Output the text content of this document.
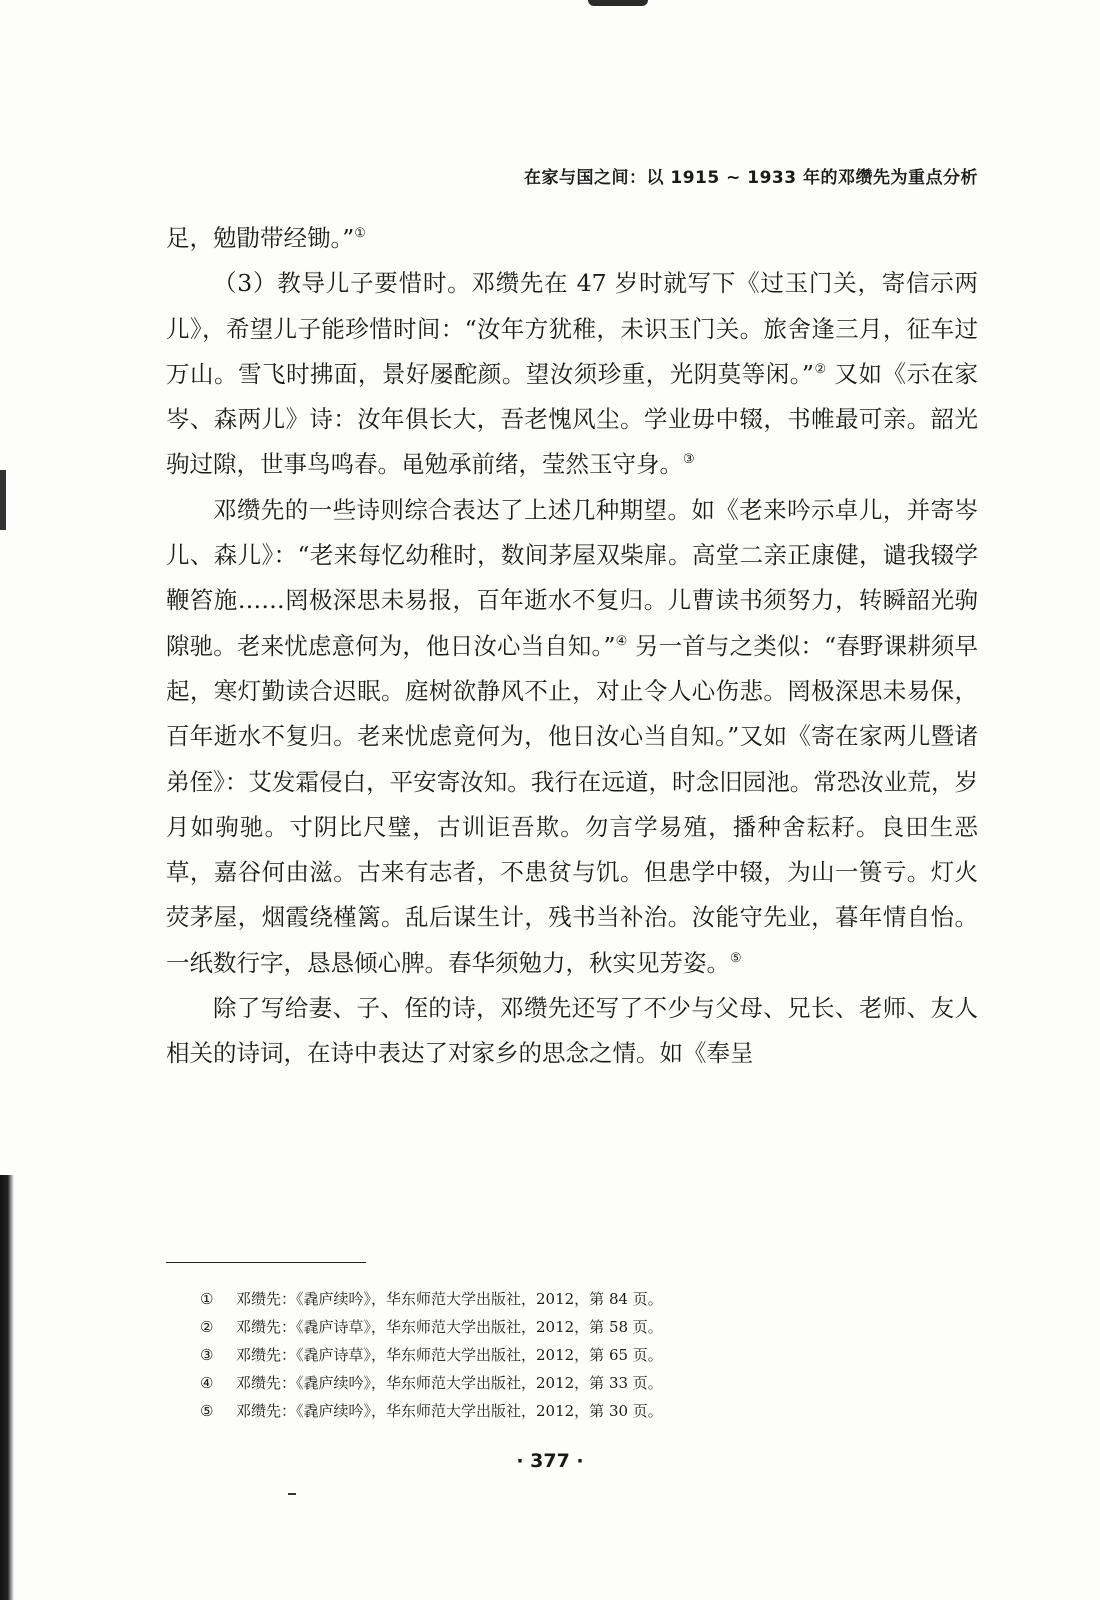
在家与国之间：以 1915 ~ 1933 年的邓缵先为重点分析

足，勉勖带经锄。”①

（3）教导儿子要惜时。邓缵先在 47 岁时就写下《过玉门关，寄信示两儿》，希望儿子能珍惜时间：“汝年方犹稚，未识玉门关。旅舍逢三月，征车过万山。雪飞时拂面，景好屡酡颜。望汝须珍重，光阴莫等闲。”② 又如《示在家岑、森两儿》诗：汝年俱长大，吾老愧风尘。学业毋中辍，书帷最可亲。韶光驹过隙，世事鸟鸣春。黾勉承前绪，莹然玉守身。③

邓缵先的一些诗则综合表达了上述几种期望。如《老来吟示卓儿，并寄岑儿、森儿》：“老来每忆幼稚时，数间茅屋双柴扉。高堂二亲正康健，谴我辍学鞭笞施……罔极深思未易报，百年逝水不复归。儿曹读书须努力，转瞬韶光驹隙驰。老来忧虑意何为，他日汝心当自知。”④ 另一首与之类似：“春野课耕须早起，寒灯勤读合迟眠。庭树欲静风不止，对止令人心伤悲。罔极深思未易保，百年逝水不复归。老来忧虑竟何为，他日汝心当自知。”又如《寄在家两儿暨诸弟侄》：艾发霜侵白，平安寄汝知。我行在远道，时念旧园池。常恐汝业荒，岁月如驹驰。寸阴比尺璧，古训讵吾欺。勿言学易殖，播种舍耘耔。良田生恶草，嘉谷何由滋。古来有志者，不患贫与饥。但患学中辍，为山一篑亏。灯火荧茅屋，烟霞绕槿篱。乱后谋生计，残书当补治。汝能守先业，暮年情自怡。一纸数行字，恳恳倾心脾。春华须勉力，秋实见芳姿。⑤

除了写给妻、子、侄的诗，邓缵先还写了不少与父母、兄长、老师、友人相关的诗词，在诗中表达了对家乡的思念之情。如《奉呈

①	邓缵先：《毳庐续吟》，华东师范大学出版社，2012，第 84 页。
②	邓缵先：《毳庐诗草》，华东师范大学出版社，2012，第 58 页。
③	邓缵先：《毳庐诗草》，华东师范大学出版社，2012，第 65 页。
④	邓缵先：《毳庐续吟》，华东师范大学出版社，2012，第 33 页。
⑤	邓缵先：《毳庐续吟》，华东师范大学出版社，2012，第 30 页。
· 377 ·
